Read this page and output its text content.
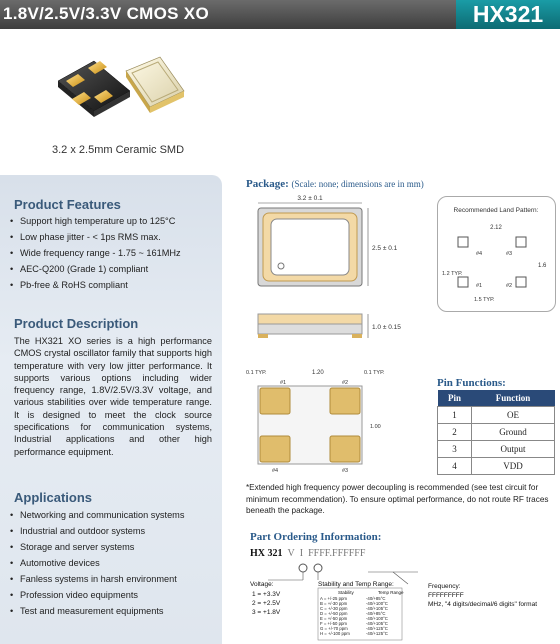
1.8V/2.5V/3.3V CMOS XO	HX321
3.2 x 2.5mm Ceramic SMD
Product Features
• Support high temperature up to 125°C
• Low phase jitter - < 1ps RMS max.
• Wide frequency range - 1.75 ~ 161MHz
• AEC-Q200 (Grade 1) compliant
• Pb-free & RoHS compliant
Product Description
The HX321 XO series is a high performance CMOS crystal oscillator family that supports high temperature with very low jitter performance. It supports various options including wider frequency range, 1.8V/2.5V/3.3V voltage, and various stabilities over wide temperature range. It is designed to meet the clock source specifications for communication systems, Industrial applications and other high performance equipment.
Applications
• Networking and communication systems
• Industrial and outdoor systems
• Storage and server systems
• Automotive devices
• Fanless systems in harsh environment
• Profession video equipments
• Test and measurement equipments
Package: (Scale: none; dimensions are in mm)
3.2 ± 0.1
2.5 ± 0.1
1.0 ± 0.15
0.1 TYP.	1.20
#1	#2
1.00
#4	#3
0.1 TYP.
Recommended Land Pattern:
2.12
#4	#3
#1	#2
1.6
1.2 TYP.
1.5 TYP.
Pin Functions:
Pin	Function
1	OE
2	Ground
3	Output
4	VDD
*Extended high frequency power decoupling is recommended (see test circuit for minimum recommendation). To ensure optimal performance, do not route RF traces beneath the package.
Part Ordering Information:
HX 321 V I FFFF.FFFFFF
Voltage:
1 = +3.3V
2 = +2.5V
3 = +1.8V
Stability and Temp Range:
Stability	Temp Range
A = +/-25 ppm	-40/+85°C
B = +/-30 ppm	-40/+100°C
C = +/-30 ppm	-40/+105°C
D = +/-50 ppm	-40/+85°C
E = +/-50 ppm	-40/+100°C
F = +/-50 ppm	-40/+105°C
G = +/-70 ppm	-40/+125°C
H = +/-100 ppm	-40/+125°C
Frequency:
FFFFFFFFF
MHz, "4 digits/decimal/6 digits" format
